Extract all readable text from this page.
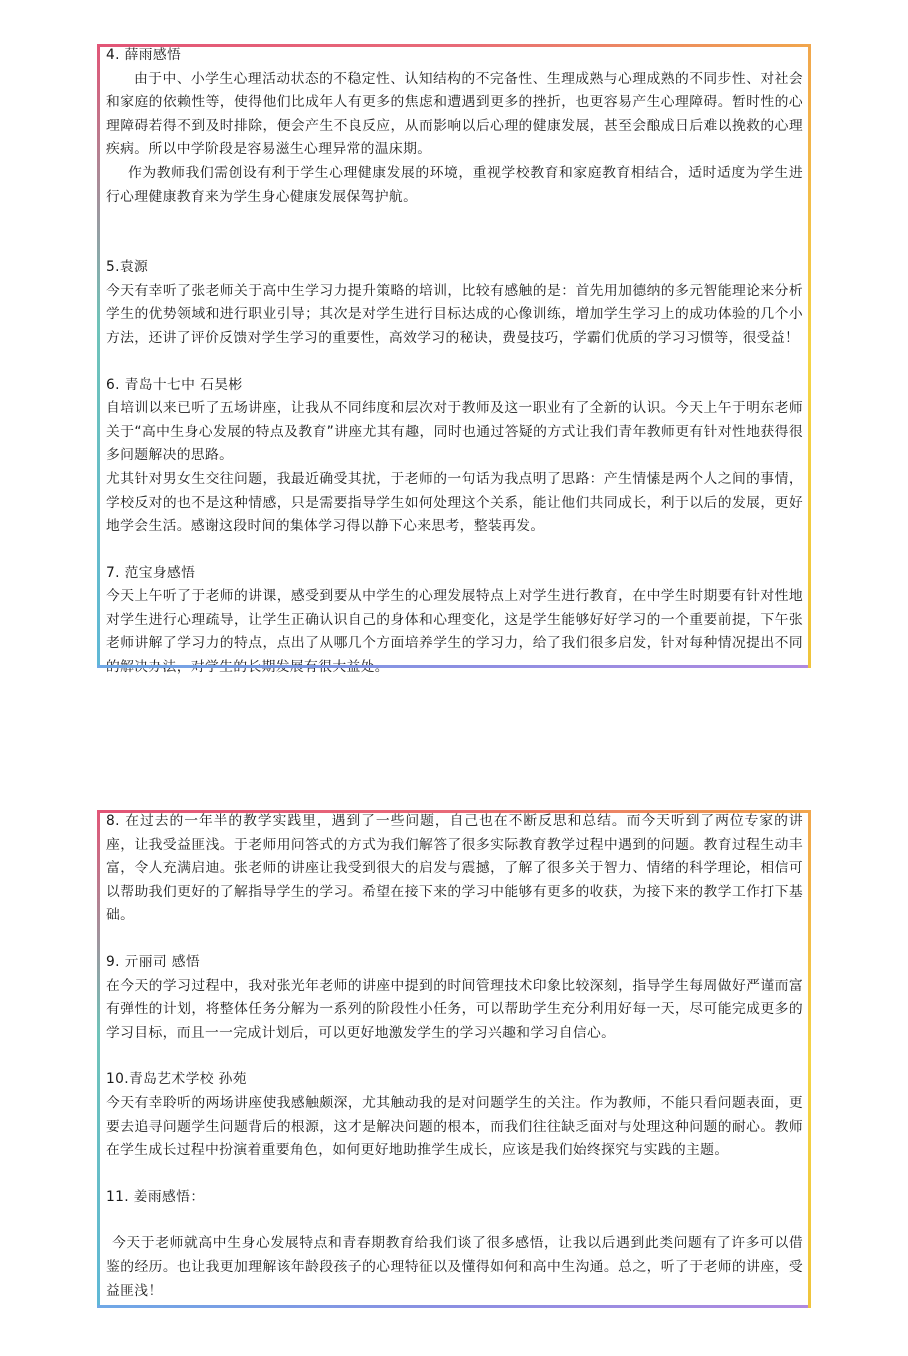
4. 薛雨感悟

由于中、小学生心理活动状态的不稳定性、认知结构的不完备性、生理成熟与心理成熟的不同步性、对社会和家庭的依赖性等，使得他们比成年人有更多的焦虑和遭遇到更多的挫折，也更容易产生心理障碍。暂时性的心理障碍若得不到及时排除，便会产生不良反应，从而影响以后心理的健康发展，甚至会酿成日后难以挽救的心理疾病。所以中学阶段是容易滋生心理异常的温床期。

作为教师我们需创设有利于学生心理健康发展的环境，重视学校教育和家庭教育相结合，适时适度为学生进行心理健康教育来为学生身心健康发展保驾护航。

5.袁源

今天有幸听了张老师关于高中生学习力提升策略的培训，比较有感触的是：首先用加德纳的多元智能理论来分析学生的优势领域和进行职业引导；其次是对学生进行目标达成的心像训练，增加学生学习上的成功体验的几个小方法，还讲了评价反馈对学生学习的重要性，高效学习的秘诀，费曼技巧，学霸们优质的学习习惯等，很受益！

6. 青岛十七中 石昊彬

自培训以来已听了五场讲座，让我从不同纬度和层次对于教师及这一职业有了全新的认识。今天上午于明东老师关于“高中生身心发展的特点及教育”讲座尤其有趣，同时也通过答疑的方式让我们青年教师更有针对性地获得很多问题解决的思路。

尤其针对男女生交往问题，我最近确受其扰，于老师的一句话为我点明了思路：产生情愫是两个人之间的事情，学校反对的也不是这种情感，只是需要指导学生如何处理这个关系，能让他们共同成长，利于以后的发展，更好地学会生活。感谢这段时间的集体学习得以静下心来思考，整装再发。

7. 范宝身感悟

今天上午听了于老师的讲课，感受到要从中学生的心理发展特点上对学生进行教育，在中学生时期要有针对性地对学生进行心理疏导，让学生正确认识自己的身体和心理变化，这是学生能够好好学习的一个重要前提，下午张老师讲解了学习力的特点，点出了从哪几个方面培养学生的学习力，给了我们很多启发，针对每种情况提出不同

8. 在过去的一年半的教学实践里，遇到了一些问题，自己也在不断反思和总结。而今天听到了两位专家的讲座，让我受益匪浅。于老师用问答式的方式为我们解答了很多实际教育教学过程中遇到的问题。教育过程生动丰富，令人充满启迪。张老师的讲座让我受到很大的启发与震撼，了解了很多关于智力、情绪的科学理论，相信可以帮助我们更好的了解指导学生的学习。希望在接下来的学习中能够有更多的收获，为接下来的教学工作打下基础。

9. 亓丽司 感悟

在今天的学习过程中，我对张光年老师的讲座中提到的时间管理技术印象比较深刻，指导学生每周做好严谨而富有弹性的计划，将整体任务分解为一系列的阶段性小任务，可以帮助学生充分利用好每一天，尽可能完成更多的学习目标，而且一一完成计划后，可以更好地激发学生的学习兴趣和学习自信心。

10.青岛艺术学校 孙苑

今天有幸聆听的两场讲座使我感触颇深，尤其触动我的是对问题学生的关注。作为教师，不能只看问题表面，更要去追寻问题学生问题背后的根源，这才是解决问题的根本，而我们往往缺乏面对与处理这种问题的耐心。教师在学生成长过程中扮演着重要角色，如何更好地助推学生成长，应该是我们始终探究与实践的主题。

11. 姜雨感悟：

今天于老师就高中生身心发展特点和青春期教育给我们谈了很多感悟，让我以后遇到此类问题有了许多可以借鉴的经历。也让我更加理解该年龄段孩子的心理特征以及懂得如何和高中生沟通。总之，听了于老师的讲座，受益匪浅！
